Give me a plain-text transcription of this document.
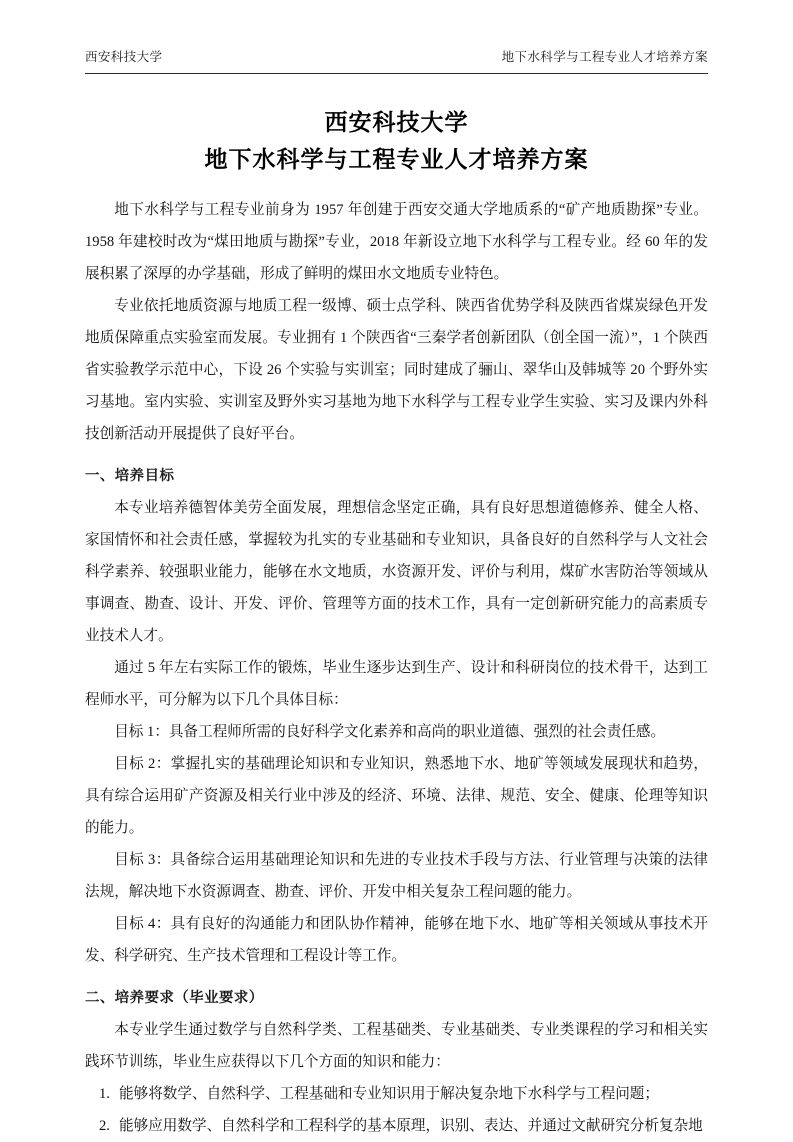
西安科技大学	地下水科学与工程专业人才培养方案
西安科技大学
地下水科学与工程专业人才培养方案

地下水科学与工程专业前身为 1957 年创建于西安交通大学地质系的“矿产地质勘探”专业。1958 年建校时改为“煤田地质与勘探”专业，2018 年新设立地下水科学与工程专业。经 60 年的发展积累了深厚的办学基础，形成了鲜明的煤田水文地质专业特色。

专业依托地质资源与地质工程一级博、硕士点学科、陕西省优势学科及陕西省煤炭绿色开发地质保障重点实验室而发展。专业拥有 1 个陕西省“三秦学者创新团队（创全国一流）”，1 个陕西省实验教学示范中心，下设 26 个实验与实训室；同时建成了骊山、翠华山及韩城等 20 个野外实习基地。室内实验、实训室及野外实习基地为地下水科学与工程专业学生实验、实习及课内外科技创新活动开展提供了良好平台。

一、培养目标

本专业培养德智体美劳全面发展，理想信念坚定正确，具有良好思想道德修养、健全人格、家国情怀和社会责任感，掌握较为扎实的专业基础和专业知识，具备良好的自然科学与人文社会科学素养、较强职业能力，能够在水文地质，水资源开发、评价与利用，煤矿水害防治等领域从事调查、勘查、设计、开发、评价、管理等方面的技术工作，具有一定创新研究能力的高素质专业技术人才。

通过 5 年左右实际工作的锻炼，毕业生逐步达到生产、设计和科研岗位的技术骨干，达到工程师水平，可分解为以下几个具体目标：

目标 1：具备工程师所需的良好科学文化素养和高尚的职业道德、强烈的社会责任感。

目标 2：掌握扎实的基础理论知识和专业知识，熟悉地下水、地矿等领域发展现状和趋势，具有综合运用矿产资源及相关行业中涉及的经济、环境、法律、规范、安全、健康、伦理等知识的能力。

目标 3：具备综合运用基础理论知识和先进的专业技术手段与方法、行业管理与决策的法律法规，解决地下水资源调查、勘查、评价、开发中相关复杂工程问题的能力。

目标 4：具有良好的沟通能力和团队协作精神，能够在地下水、地矿等相关领域从事技术开发、科学研究、生产技术管理和工程设计等工作。

二、培养要求（毕业要求）

本专业学生通过数学与自然科学类、工程基础类、专业基础类、专业类课程的学习和相关实践环节训练，毕业生应获得以下几个方面的知识和能力：

1. 能够将数学、自然科学、工程基础和专业知识用于解决复杂地下水科学与工程问题；
2. 能够应用数学、自然科学和工程科学的基本原理，识别、表达、并通过文献研究分析复杂地
